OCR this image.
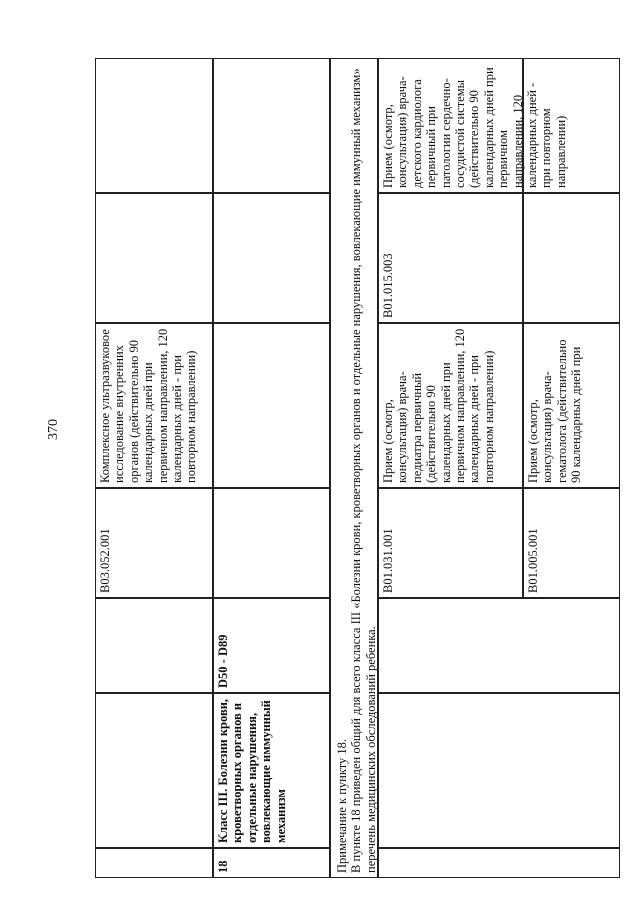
370
B03.052.001
Комплексное ультразвуковое исследование внутренних органов (действительно 90 календарных дней при первичном направлении, 120 календарных дней - при повторном направлении)
18
Класс III. Болезни крови, кроветворных органов и отдельные нарушения, вовлекающие иммунный механизм
D50 - D89
Примечание к пункту 18. В пункте 18 приведен общий для всего класса III «Болезни крови, кроветворных органов и отдельные нарушения, вовлекающие иммунный механизм» перечень медицинских обследований ребенка.
B01.031.001
Прием (осмотр, консультация) врача-педиатра первичный (действительно 90 календарных дней при первичном направлении, 120 календарных дней - при повторном направлении)
B01.015.003
Прием (осмотр, консультация) врача-детского кардиолога первичный при патологии сердечно-сосудистой системы (действительно 90 календарных дней при первичном направлении, 120 календарных дней - при повторном направлении)
B01.005.001
Прием (осмотр, консультация) врача-гематолога (действительно 90 календарных дней при
